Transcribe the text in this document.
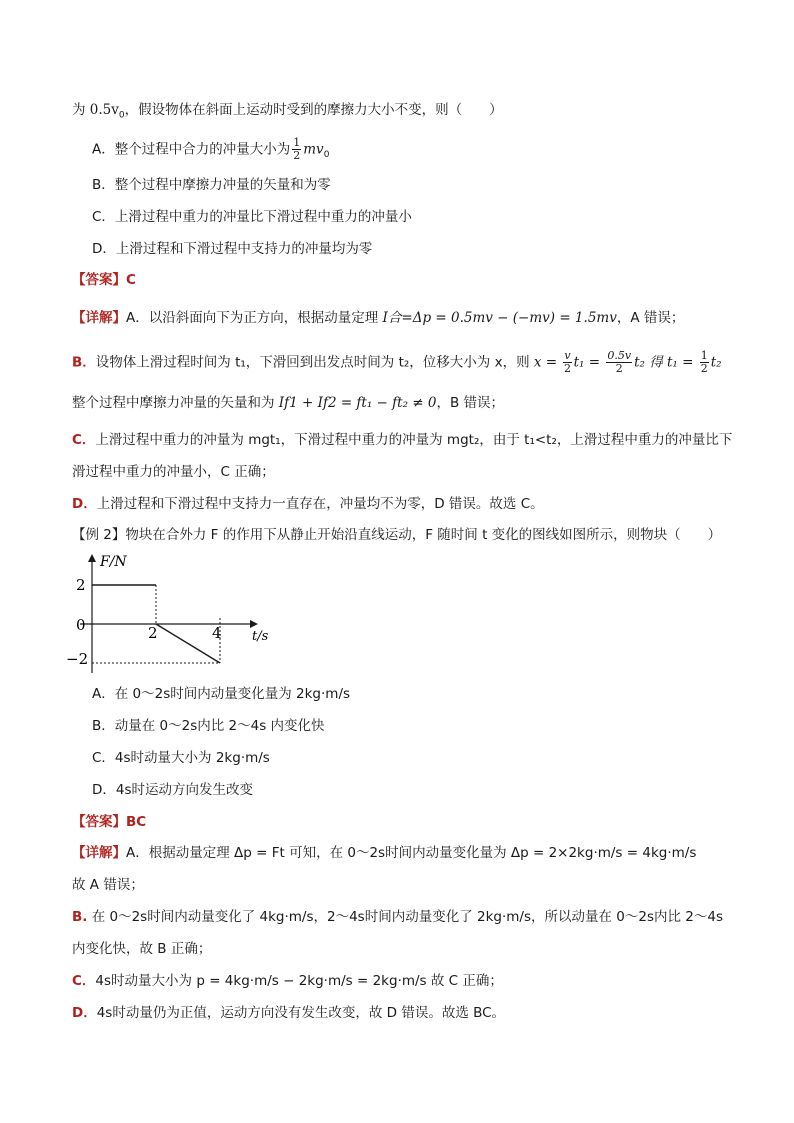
为 $0.5v_0$，假设物体在斜面上运动时受到的摩擦力大小不变，则（　　）
A．整个过程中合力的冲量大小为 $\frac{1}{2} mv_0$
B．整个过程中摩擦力冲量的矢量和为零
C．上滑过程中重力的冲量比下滑过程中重力的冲量小
D．上滑过程和下滑过程中支持力的冲量均为零
【答案】C
【详解】A．以沿斜面向下为正方向，根据动量定理 I合=Δp = 0.5mv − (−mv) = 1.5mv，A 错误；
B．设物体上滑过程时间为 t₁，下滑回到出发点时间为 t₂，位移大小为 x，则 $x = \frac{v}{2} t_1 = \frac{0.5v}{2} t_2$ 得 $t_1 = \frac{1}{2} t_2$
整个过程中摩擦力冲量的矢量和为 If1 + If2 = ft₁ − ft₂ ≠ 0，B 错误；
C．上滑过程中重力的冲量为 mgt₁，下滑过程中重力的冲量为 mgt₂，由于 t₁<t₂，上滑过程中重力的冲量比下
滑过程中重力的冲量小，C 正确；
D．上滑过程和下滑过程中支持力一直存在，冲量均不为零，D 错误。故选 C。
【例 2】物块在合外力 F 的作用下从静止开始沿直线运动，F 随时间 t 变化的图线如图所示，则物块（　　）
F/N
t/s
2
0
−2
2	4
A．在 0～2s时间内动量变化量为 2kg·m/s
B．动量在 0～2s内比 2～4s 内变化快
C．4s时动量大小为 2kg·m/s
D．4s时运动方向发生改变
【答案】BC
【详解】A．根据动量定理 Δp = Ft 可知，在 0～2s时间内动量变化量为 Δp = 2×2kg·m/s = 4kg·m/s
故 A 错误；
B. 在 0～2s时间内动量变化了 4kg·m/s，2～4s时间内动量变化了 2kg·m/s，所以动量在 0～2s内比 2～4s
内变化快，故 B 正确；
C．4s时动量大小为 p = 4kg·m/s − 2kg·m/s = 2kg·m/s 故 C 正确；
D．4s时动量仍为正值，运动方向没有发生改变，故 D 错误。故选 BC。
